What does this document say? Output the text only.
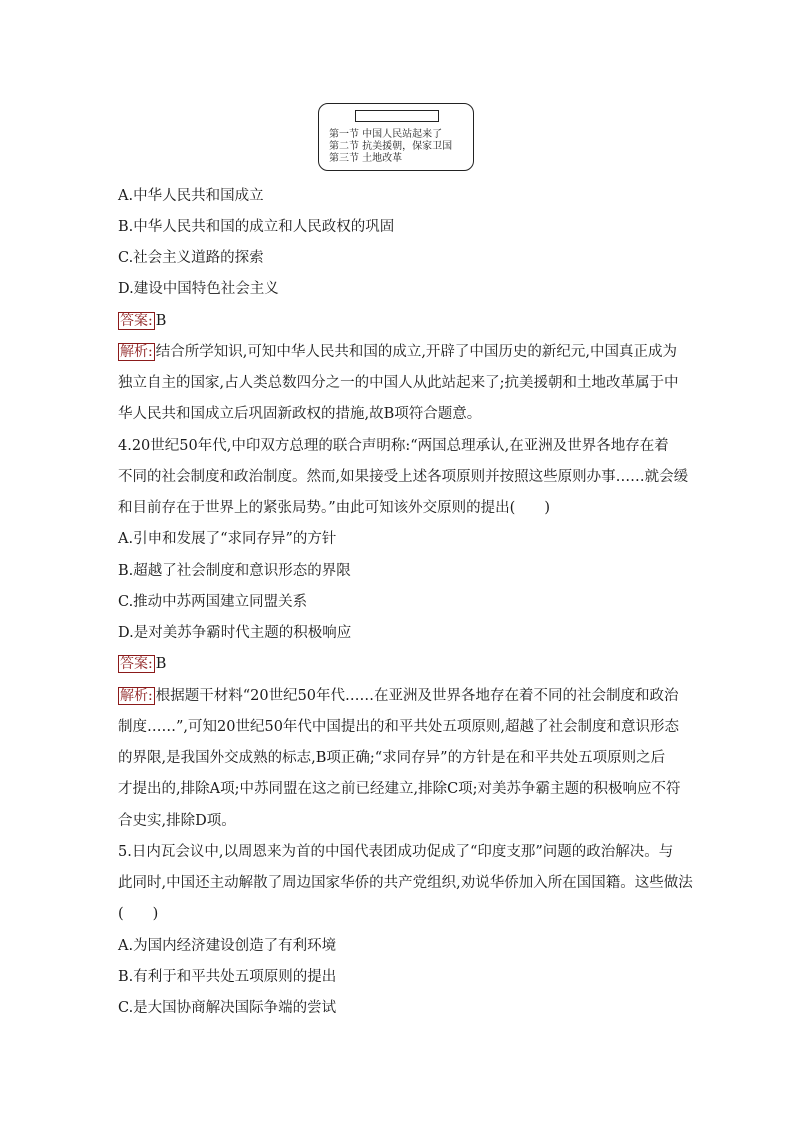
第一节 中国人民站起来了
第二节 抗美援朝，保家卫国
第三节 土地改革

A.中华人民共和国成立

B.中华人民共和国的成立和人民政权的巩固

C.社会主义道路的探索

D.建设中国特色社会主义

答案: B

解析: 结合所学知识,可知中华人民共和国的成立,开辟了中国历史的新纪元,中国真正成为

独立自主的国家,占人类总数四分之一的中国人从此站起来了;抗美援朝和土地改革属于中

华人民共和国成立后巩固新政权的措施,故B项符合题意。

4.20世纪50年代,中印双方总理的联合声明称:“两国总理承认,在亚洲及世界各地存在着

不同的社会制度和政治制度。然而,如果接受上述各项原则并按照这些原则办事……就会缓

和目前存在于世界上的紧张局势。”由此可知该外交原则的提出(　　)

A.引申和发展了“求同存异”的方针

B.超越了社会制度和意识形态的界限

C.推动中苏两国建立同盟关系

D.是对美苏争霸时代主题的积极响应

答案: B

解析: 根据题干材料“20世纪50年代……在亚洲及世界各地存在着不同的社会制度和政治

制度……”,可知20世纪50年代中国提出的和平共处五项原则,超越了社会制度和意识形态

的界限,是我国外交成熟的标志,B项正确;“求同存异”的方针是在和平共处五项原则之后

才提出的,排除A项;中苏同盟在这之前已经建立,排除C项;对美苏争霸主题的积极响应不符

合史实,排除D项。

5.日内瓦会议中,以周恩来为首的中国代表团成功促成了“印度支那”问题的政治解决。与

此同时,中国还主动解散了周边国家华侨的共产党组织,劝说华侨加入所在国国籍。这些做法

(　　)

A.为国内经济建设创造了有利环境

B.有利于和平共处五项原则的提出

C.是大国协商解决国际争端的尝试
